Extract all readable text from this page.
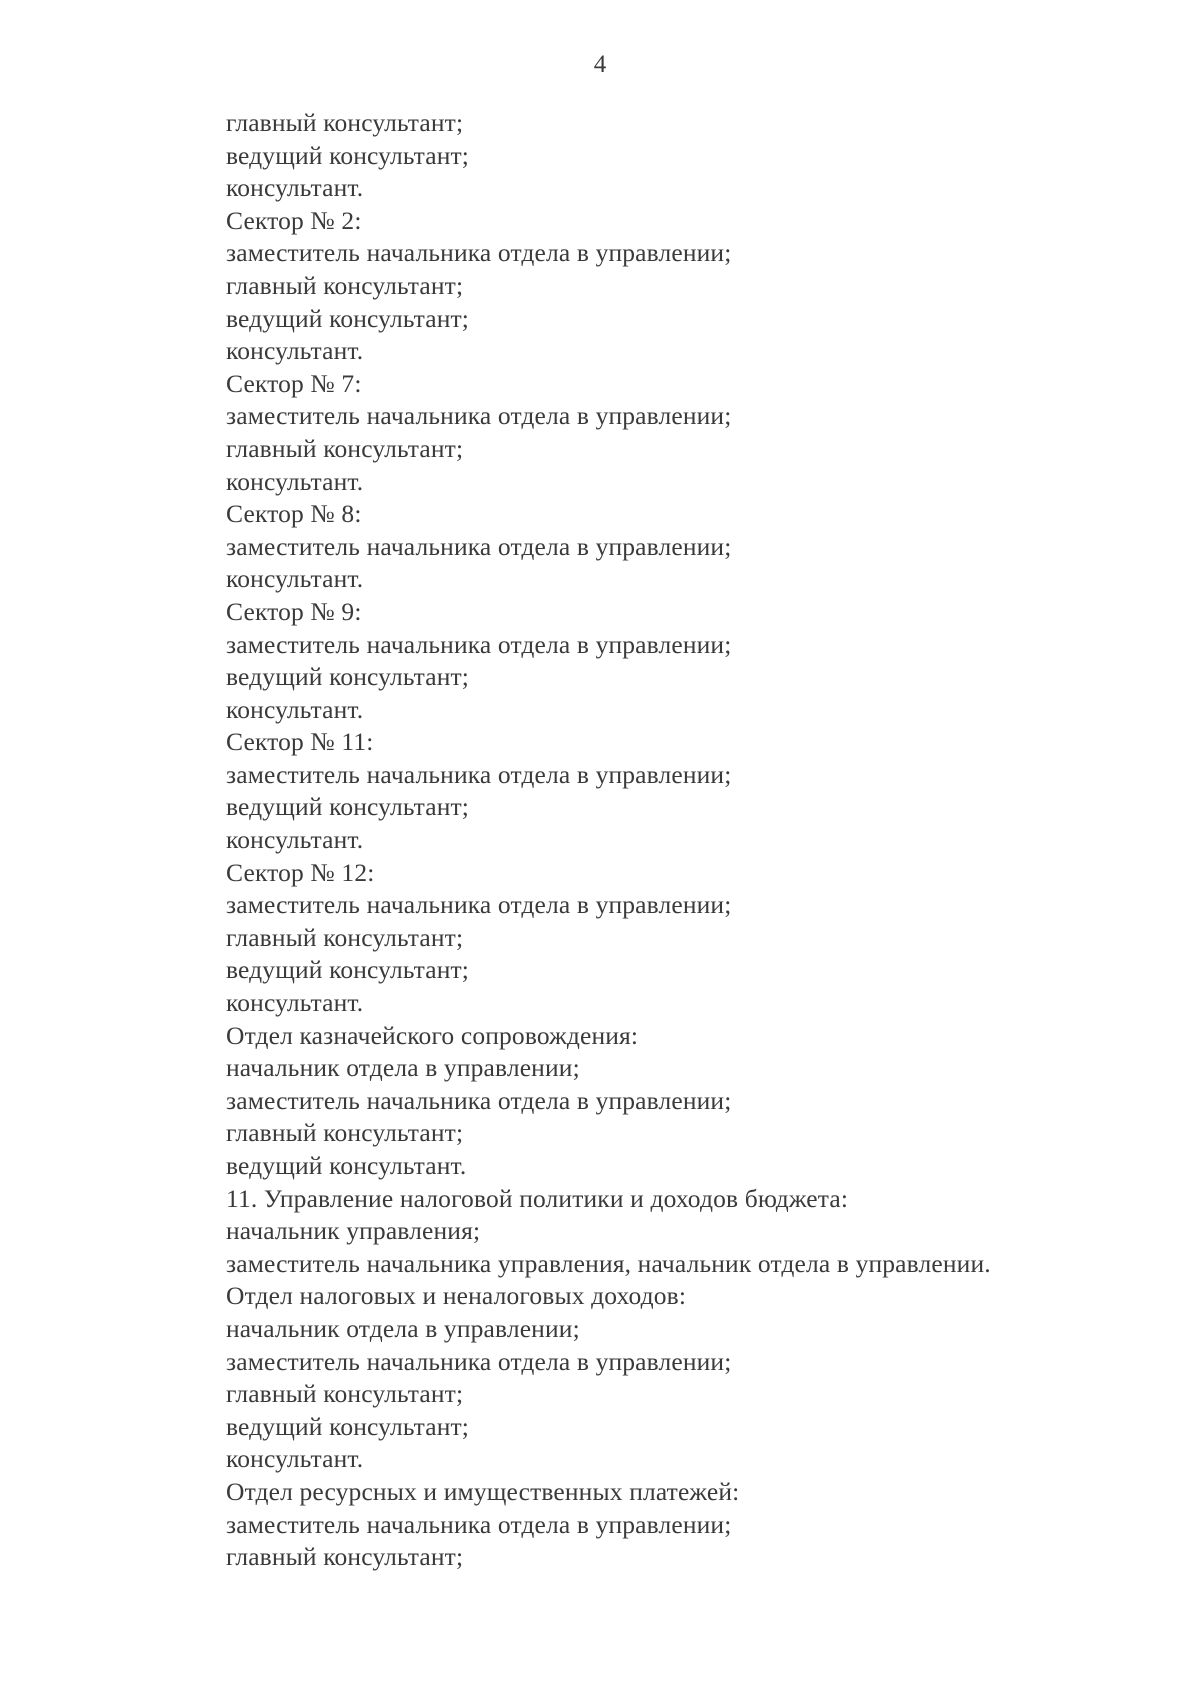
4
главный консультант;
ведущий консультант;
консультант.
Сектор № 2:
заместитель начальника отдела в управлении;
главный консультант;
ведущий консультант;
консультант.
Сектор № 7:
заместитель начальника отдела в управлении;
главный консультант;
консультант.
Сектор № 8:
заместитель начальника отдела в управлении;
консультант.
Сектор № 9:
заместитель начальника отдела в управлении;
ведущий консультант;
консультант.
Сектор № 11:
заместитель начальника отдела в управлении;
ведущий консультант;
консультант.
Сектор № 12:
заместитель начальника отдела в управлении;
главный консультант;
ведущий консультант;
консультант.
Отдел казначейского сопровождения:
начальник отдела в управлении;
заместитель начальника отдела в управлении;
главный консультант;
ведущий консультант.
11. Управление налоговой политики и доходов бюджета:
начальник управления;
заместитель начальника управления, начальник отдела в управлении.
Отдел налоговых и неналоговых доходов:
начальник отдела в управлении;
заместитель начальника отдела в управлении;
главный консультант;
ведущий консультант;
консультант.
Отдел ресурсных и имущественных платежей:
заместитель начальника отдела в управлении;
главный консультант;
